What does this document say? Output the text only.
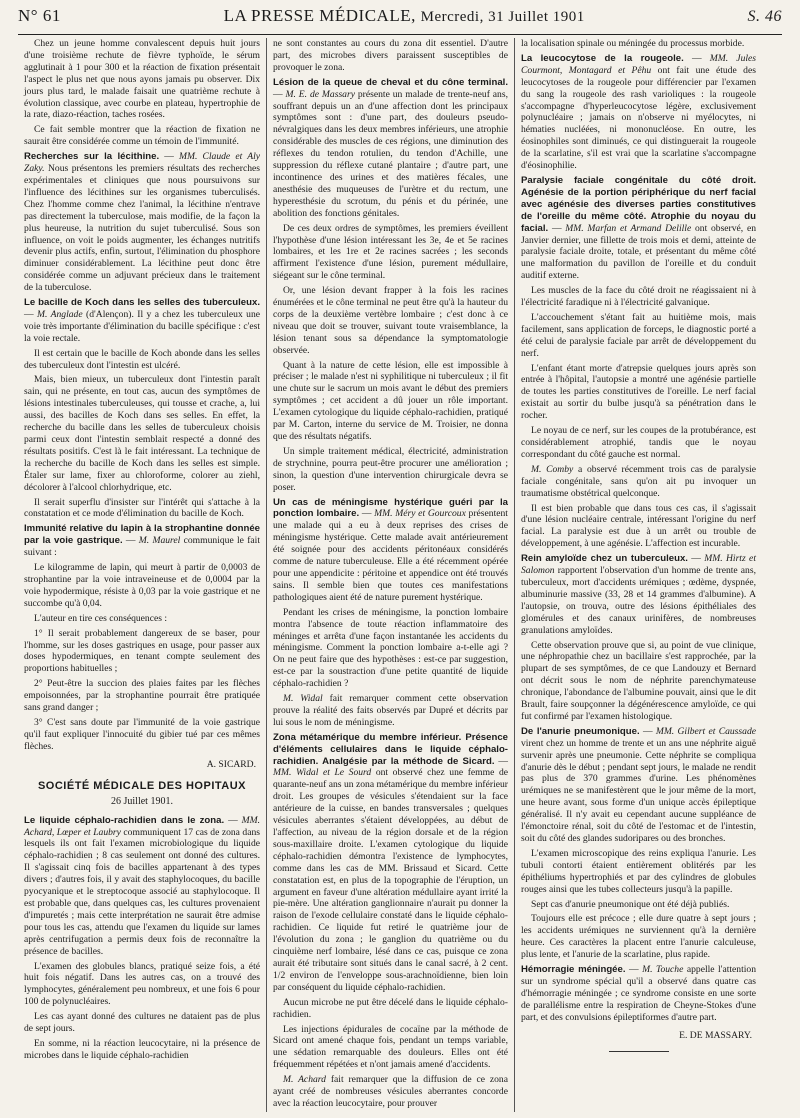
N° 61	LA PRESSE MÉDICALE, Mercredi, 31 Juillet 1901	S. 46

Chez un jeune homme convalescent depuis huit jours d'une troisième rechute de fièvre typhoïde, le sérum agglutinait à 1 pour 300 et la réaction de fixation présentait l'aspect le plus net que nous ayons jamais pu observer. Dix jours plus tard, le malade faisait une quatrième rechute à évolution classique, avec courbe en plateau, hypertrophie de la rate, diazo-réaction, taches rosées.

Ce fait semble montrer que la réaction de fixation ne saurait être considérée comme un témoin de l'immunité.

Recherches sur la lécithine. — MM. Claude et Aly Zaky. Nous présentons les premiers résultats des recherches expérimentales et cliniques que nous poursuivons sur l'influence des lécithines sur les organismes tuberculisés. Chez l'homme comme chez l'animal, la lécithine n'entrave pas directement la tuberculose, mais modifie, de la façon la plus heureuse, la nutrition du sujet tuberculisé. Sous son influence, on voit le poids augmenter, les échanges nutritifs devenir plus actifs, enfin, surtout, l'élimination du phosphore diminuer considérablement. La lécithine peut donc être considérée comme un adjuvant précieux dans le traitement de la tuberculose.

Le bacille de Koch dans les selles des tuberculeux. — M. Anglade (d'Alençon). Il y a chez les tuberculeux une voie très importante d'élimination du bacille spécifique : c'est la voie rectale.

Il est certain que le bacille de Koch abonde dans les selles des tuberculeux dont l'intestin est ulcéré.

Mais, bien mieux, un tuberculeux dont l'intestin paraît sain, qui ne présente, en tout cas, aucun des symptômes de lésions intestinales tuberculeuses, qui tousse et crache, a, lui aussi, des bacilles de Koch dans ses selles. En effet, la recherche du bacille dans les selles de tuberculeux choisis parmi ceux dont l'intestin semblait respecté a donné des résultats positifs. C'est là le fait intéressant. La technique de la recherche du bacille de Koch dans les selles est simple. Étaler sur lame, fixer au chloroforme, colorer au ziehl, décolorer à l'alcool chlorhydrique, etc.

Il serait superflu d'insister sur l'intérêt qui s'attache à la constatation et ce mode d'élimination du bacille de Koch.

Immunité relative du lapin à la strophantine donnée par la voie gastrique. — M. Maurel communique le fait suivant :

Le kilogramme de lapin, qui meurt à partir de 0,0003 de strophantine par la voie intraveineuse et de 0,0004 par la voie hypodermique, résiste à 0,03 par la voie gastrique et ne succombe qu'à 0,04.

L'auteur en tire ces conséquences :

1° Il serait probablement dangereux de se baser, pour l'homme, sur les doses gastriques en usage, pour passer aux doses hypodermiques, en tenant compte seulement des proportions habituelles ;

2° Peut-être la succion des plaies faites par les flèches empoisonnées, par la strophantine pourrait être pratiquée sans grand danger ;

3° C'est sans doute par l'immunité de la voie gastrique qu'il faut expliquer l'innocuité du gibier tué par ces mêmes flèches.

A. SICARD.
SOCIÉTÉ MÉDICALE DES HOPITAUX
26 Juillet 1901.

Le liquide céphalo-rachidien dans le zona. — MM. Achard, Lœper et Laubry communiquent 17 cas de zona dans lesquels ils ont fait l'examen microbiologique du liquide céphalo-rachidien ; 8 cas seulement ont donné des cultures. Il s'agissait cinq fois de bacilles appartenant à des types divers ; d'autres fois, il y avait des staphylocoques, du bacille pyocyanique et le streptocoque associé au staphylocoque. Il est probable que, dans quelques cas, les cultures provenaient d'impuretés ; mais cette interprétation ne saurait être admise pour tous les cas, attendu que l'examen du liquide sur lames après centrifugation a permis deux fois de reconnaître la présence de bacilles.

L'examen des globules blancs, pratiqué seize fois, a été huit fois négatif. Dans les autres cas, on a trouvé des lymphocytes, généralement peu nombreux, et une fois 6 pour 100 de polynucléaires.

Les cas ayant donné des cultures ne dataient pas de plus de sept jours.

En somme, ni la réaction leucocytaire, ni la présence de microbes dans le liquide céphalo-rachidien

ne sont constantes au cours du zona dit essentiel. D'autre part, des microbes divers paraissent susceptibles de provoquer le zona.

Lésion de la queue de cheval et du cône terminal. — M. E. de Massary présente un malade de trente-neuf ans, souffrant depuis un an d'une affection dont les principaux symptômes sont : d'une part, des douleurs pseudo-névralgiques dans les deux membres inférieurs, une atrophie considérable des muscles de ces régions, une diminution des réflexes du tendon rotulien, du tendon d'Achille, une suppression du réflexe cutané plantaire ; d'autre part, une incontinence des urines et des matières fécales, une anesthésie des muqueuses de l'urètre et du rectum, une hyperesthésie du scrotum, du pénis et du périnée, une abolition des fonctions génitales.

De ces deux ordres de symptômes, les premiers éveillent l'hypothèse d'une lésion intéressant les 3e, 4e et 5e racines lombaires, et les 1re et 2e racines sacrées ; les seconds affirment l'existence d'une lésion, purement médullaire, siégeant sur le cône terminal.

Or, une lésion devant frapper à la fois les racines énumérées et le cône terminal ne peut être qu'à la hauteur du corps de la deuxième vertèbre lombaire ; c'est donc à ce niveau que doit se trouver, suivant toute vraisemblance, la lésion tenant sous sa dépendance la symptomatologie observée.

Quant à la nature de cette lésion, elle est impossible à préciser ; le malade n'est ni syphilitique ni tuberculeux ; il fit une chute sur le sacrum un mois avant le début des premiers symptômes ; cet accident a dû jouer un rôle important. L'examen cytologique du liquide céphalo-rachidien, pratiqué par M. Carton, interne du service de M. Troisier, ne donna que des résultats négatifs.

Un simple traitement médical, électricité, administration de strychnine, pourra peut-être procurer une amélioration ; sinon, la question d'une intervention chirurgicale devra se poser.

Un cas de méningisme hystérique guéri par la ponction lombaire. — MM. Méry et Gourcoux présentent une malade qui a eu à deux reprises des crises de méningisme hystérique. Cette malade avait antérieurement été soignée pour des accidents péritonéaux considérés comme de nature tuberculeuse. Elle a été récemment opérée pour une appendicite : péritoine et appendice ont été trouvés sains. Il semble bien que toutes ces manifestations pathologiques aient été de nature purement hystérique.

Pendant les crises de méningisme, la ponction lombaire montra l'absence de toute réaction inflammatoire des méninges et arrêta d'une façon instantanée les accidents du méningisme. Comment la ponction lombaire a-t-elle agi ? On ne peut faire que des hypothèses : est-ce par suggestion, est-ce par la soustraction d'une petite quantité de liquide céphalo-rachidien ?

M. Widal fait remarquer comment cette observation prouve la réalité des faits observés par Dupré et décrits par lui sous le nom de méningisme.

Zona métamérique du membre inférieur. Présence d'éléments cellulaires dans le liquide céphalo-rachidien. Analgésie par la méthode de Sicard. — MM. Widal et Le Sourd ont observé chez une femme de quarante-neuf ans un zona métamérique du membre inférieur droit. Les groupes de vésicules s'étendaient sur la face antérieure de la cuisse, en bandes transversales ; quelques vésicules aberrantes s'étaient développées, au début de l'affection, au niveau de la région dorsale et de la région sous-maxillaire droite. L'examen cytologique du liquide céphalo-rachidien démontra l'existence de lymphocytes, comme dans les cas de MM. Brissaud et Sicard. Cette constatation est, en plus de la topographie de l'éruption, un argument en faveur d'une altération médullaire ayant irrité la pie-mère. Une altération ganglionnaire n'aurait pu donner la raison de l'exode cellulaire constaté dans le liquide céphalo-rachidien. Ce liquide fut retiré le quatrième jour de l'évolution du zona ; le ganglion du quatrième ou du cinquième nerf lombaire, lésé dans ce cas, puisque ce zona aurait été tributaire sont situés dans le canal sacré, à 2 cent. 1/2 environ de l'enveloppe sous-arachnoïdienne, bien loin par conséquent du liquide céphalo-rachidien.

Aucun microbe ne put être décelé dans le liquide céphalo-rachidien.

Les injections épidurales de cocaïne par la méthode de Sicard ont amené chaque fois, pendant un temps variable, une sédation remarquable des douleurs. Elles ont été fréquemment répétées et n'ont jamais amené d'accidents.

M. Achard fait remarquer que la diffusion de ce zona ayant créé de nombreuses vésicules aberrantes concorde avec la réaction leucocytaire, pour prouver

la localisation spinale ou méningée du processus morbide.

La leucocytose de la rougeole. — MM. Jules Courmont, Montagard et Pêhu ont fait une étude des leucocytoses de la rougeole pour différencier par l'examen du sang la rougeole des rash varioliques : la rougeole s'accompagne d'hyperleucocytose légère, exclusivement polynucléaire ; jamais on n'observe ni myélocytes, ni hématies nucléées, ni mononucléose. En outre, les éosinophiles sont diminués, ce qui distinguerait la rougeole de la scarlatine, s'il est vrai que la scarlatine s'accompagne d'éosinophilie.

Paralysie faciale congénitale du côté droit. Agénésie de la portion périphérique du nerf facial avec agénésie des diverses parties constitutives de l'oreille du même côté. Atrophie du noyau du facial. — MM. Marfan et Armand Delille ont observé, en Janvier dernier, une fillette de trois mois et demi, atteinte de paralysie faciale droite, totale, et présentant du même côté une malformation du pavillon de l'oreille et du conduit auditif externe.

Les muscles de la face du côté droit ne réagissaient ni à l'électricité faradique ni à l'électricité galvanique.

L'accouchement s'étant fait au huitième mois, mais facilement, sans application de forceps, le diagnostic porté a été celui de paralysie faciale par arrêt de développement du nerf.

L'enfant étant morte d'atrepsie quelques jours après son entrée à l'hôpital, l'autopsie a montré une agénésie partielle de toutes les parties constitutives de l'oreille. Le nerf facial existait au sortir du bulbe jusqu'à sa pénétration dans le rocher.

Le noyau de ce nerf, sur les coupes de la protubérance, est considérablement atrophié, tandis que le noyau correspondant du côté gauche est normal.

M. Comby a observé récemment trois cas de paralysie faciale congénitale, sans qu'on ait pu invoquer un traumatisme obstétrical quelconque.

Il est bien probable que dans tous ces cas, il s'agissait d'une lésion nucléaire centrale, intéressant l'origine du nerf facial. La paralysie est due à un arrêt ou trouble de développement, à une agénésie. L'affection est incurable.

Rein amyloïde chez un tuberculeux. — MM. Hirtz et Salomon rapportent l'observation d'un homme de trente ans, tuberculeux, mort d'accidents urémiques ; œdème, dyspnée, albuminurie massive (33, 28 et 14 grammes d'albumine). A l'autopsie, on trouva, outre des lésions épithéliales des glomérules et des canaux urinifères, de nombreuses granulations amyloïdes.

Cette observation prouve que si, au point de vue clinique, une néphropathie chez un bacillaire s'est rapprochée, par la plupart de ses symptômes, de ce que Landouzy et Bernard ont décrit sous le nom de néphrite parenchymateuse chronique, l'abondance de l'albumine pouvait, ainsi que le dit Brault, faire soupçonner la dégénérescence amyloïde, ce qui fut confirmé par l'examen histologique.

De l'anurie pneumonique. — MM. Gilbert et Caussade virent chez un homme de trente et un ans une néphrite aiguë survenir après une pneumonie. Cette néphrite se compliqua d'anurie dès le début ; pendant sept jours, le malade ne rendit pas plus de 370 grammes d'urine. Les phénomènes urémiques ne se manifestèrent que le jour même de la mort, une heure avant, sous forme d'un unique accès épileptique généralisé. Il n'y avait eu cependant aucune suppléance de l'émonctoire rénal, soit du côté de l'estomac et de l'intestin, soit du côté des glandes sudoripares ou des bronches.

L'examen microscopique des reins expliqua l'anurie. Les tubuli contorti étaient entièrement oblitérés par les épithéliums hypertrophiés et par des cylindres de globules rouges ainsi que les tubes collecteurs jusqu'à la papille.

Sept cas d'anurie pneumonique ont été déjà publiés.

Toujours elle est précoce ; elle dure quatre à sept jours ; les accidents urémiques ne surviennent qu'à la dernière heure. Ces caractères la placent entre l'anurie calculeuse, plus lente, et l'anurie de la scarlatine, plus rapide.

Hémorragie méningée. — M. Touche appelle l'attention sur un syndrome spécial qu'il a observé dans quatre cas d'hémorragie méningée ; ce syndrome consiste en une sorte de parallélisme entre la respiration de Cheyne-Stokes d'une part, et des convulsions épileptiformes d'autre part.

E. DE MASSARY.
